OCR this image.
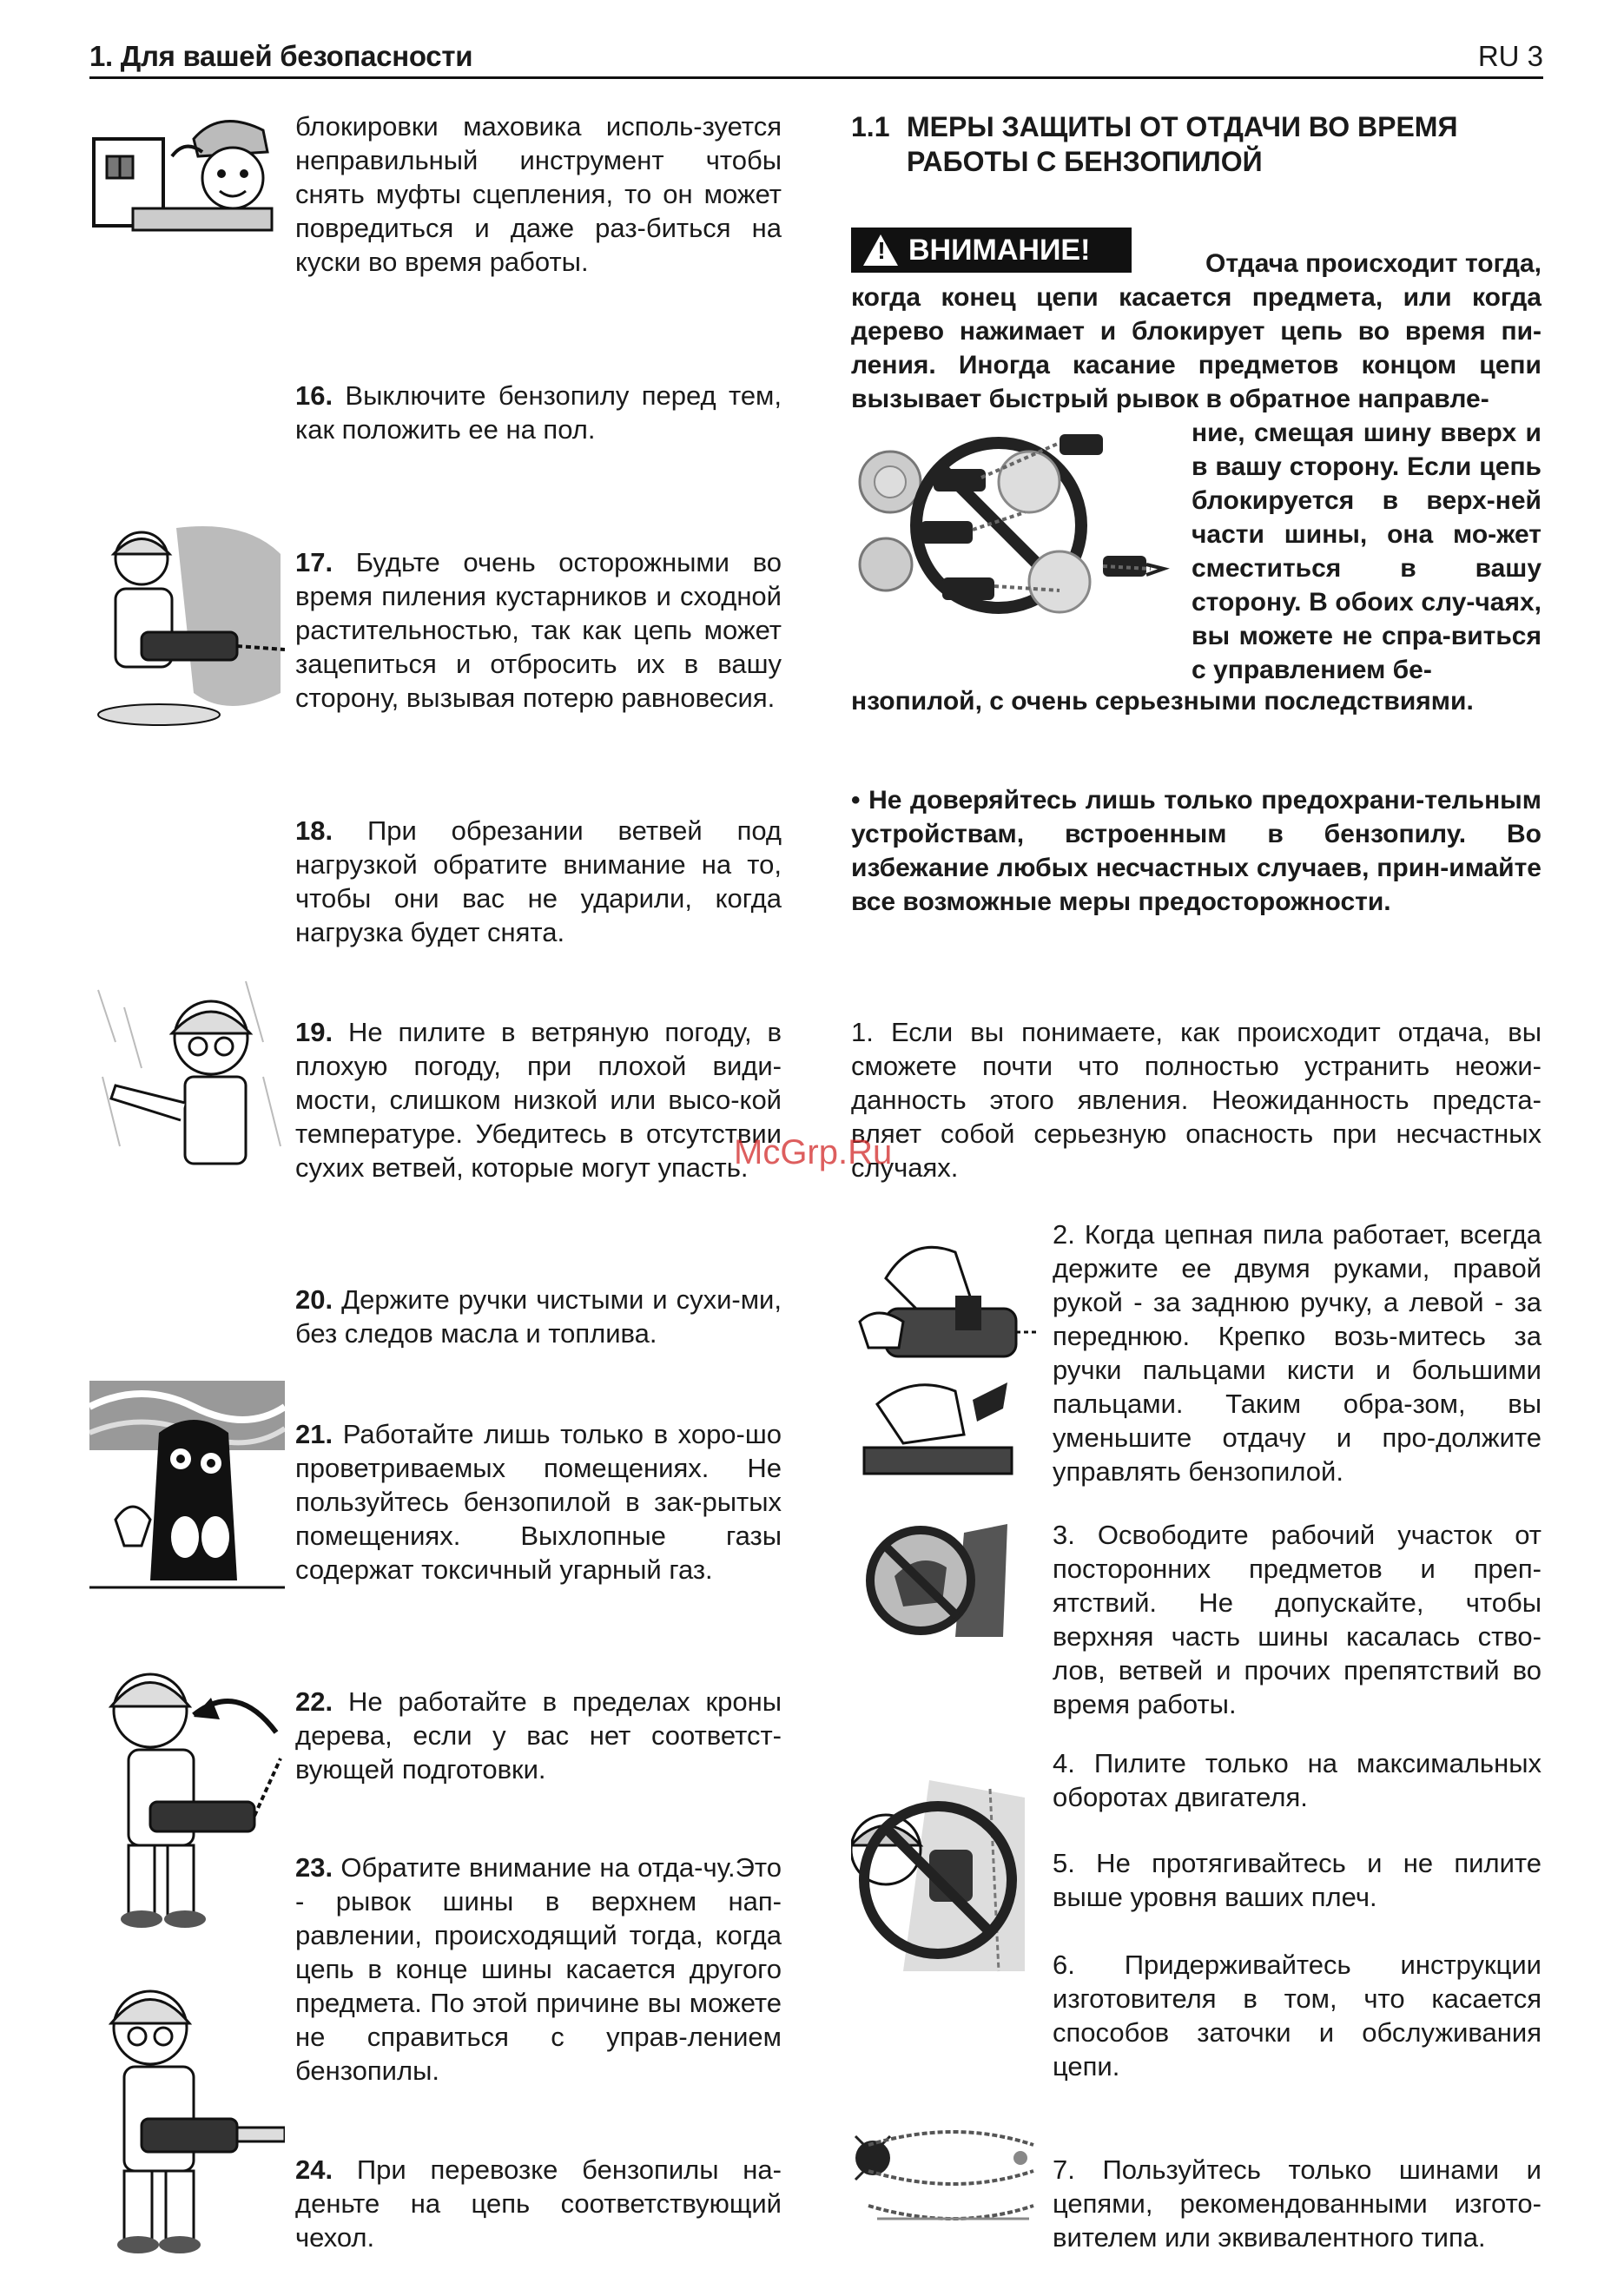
1. Для вашей безопасности	RU 3
блокировки маховика исполь-зуется неправильный инструмент чтобы снять муфты сцепления, то он может повредиться и даже раз-биться на куски во время работы.
16. Выключите бензопилу перед тем, как положить ее на пол.
17. Будьте очень осторожными во время пиления кустарников и сходной растительностью, так как цепь может зацепиться и отбросить их в вашу сторону, вызывая потерю равновесия.
18. При обрезании ветвей под нагрузкой обратите внимание на то, чтобы они вас не ударили, когда нагрузка будет снята.
19. Не пилите в ветряную погоду, в плохую погоду, при плохой види-мости, слишком низкой или высо-кой температуре. Убедитесь в отсутствии сухих ветвей, которые могут упасть.
20. Держите ручки чистыми и сухи-ми, без следов масла и топлива.
21. Работайте лишь только в хоро-шо проветриваемых помещениях. Не пользуйтесь бензопилой в зак-рытых помещениях. Выхлопные газы содержат токсичный угарный газ.
22. Не работайте в пределах кроны дерева, если у вас нет соответст-вующей подготовки.
23. Обратите внимание на отда-чу.Это - рывок шины в верхнем нап-равлении, происходящий тогда, когда цепь в конце шины касается другого предмета. По этой причине вы можете не справиться с управ-лением бензопилы.
24. При перевозке бензопилы на-деньте на цепь соответствующий чехол.
1.1 МЕРЫ ЗАЩИТЫ ОТ ОТДАЧИ ВО ВРЕМЯ
РАБОТЫ С БЕНЗОПИЛОЙ
! ВНИМАНИЕ!	Отдача происходит тогда,
когда конец цепи касается предмета, или когда дерево нажимает и блокирует цепь во время пи-ления. Иногда касание предметов концом цепи вызывает быстрый рывок в обратное направле-
ние, смещая шину вверх и в вашу сторону. Если цепь блокируется в верх-ней части шины, она мо-жет сместиться в вашу сторону. В обоих слу-чаях, вы можете не спра-виться с управлением бе-
нзопилой, с очень серьезными последствиями.
• Не доверяйтесь лишь только предохрани-тельным устройствам, встроенным в бензопилу. Во избежание любых несчастных случаев, прин-имайте все возможные меры предосторожности.
1. Если вы понимаете, как происходит отдача, вы сможете почти что полностью устранить неожи-данность этого явления. Неожиданность предста-вляет собой серьезную опасность при несчастных случаях.
2. Когда цепная пила работает, всегда держите ее двумя руками, правой рукой - за заднюю ручку, а левой - за переднюю. Крепко возь-митесь за ручки пальцами кисти и большими пальцами. Таким обра-зом, вы уменьшите отдачу и про-должите управлять бензопилой.
3. Освободите рабочий участок от посторонних предметов и преп-ятствий. Не допускайте, чтобы верхняя часть шины касалась ство-лов, ветвей и прочих препятствий во время работы.
4. Пилите только на максимальных оборотах двигателя.
5. Не протягивайтесь и не пилите выше уровня ваших плеч.
6. Придерживайтесь инструкции изготовителя в том, что касается способов заточки и обслуживания цепи.
7. Пользуйтесь только шинами и цепями, рекомендованными изгото-вителем или эквивалентного типа.
McGrp.Ru
